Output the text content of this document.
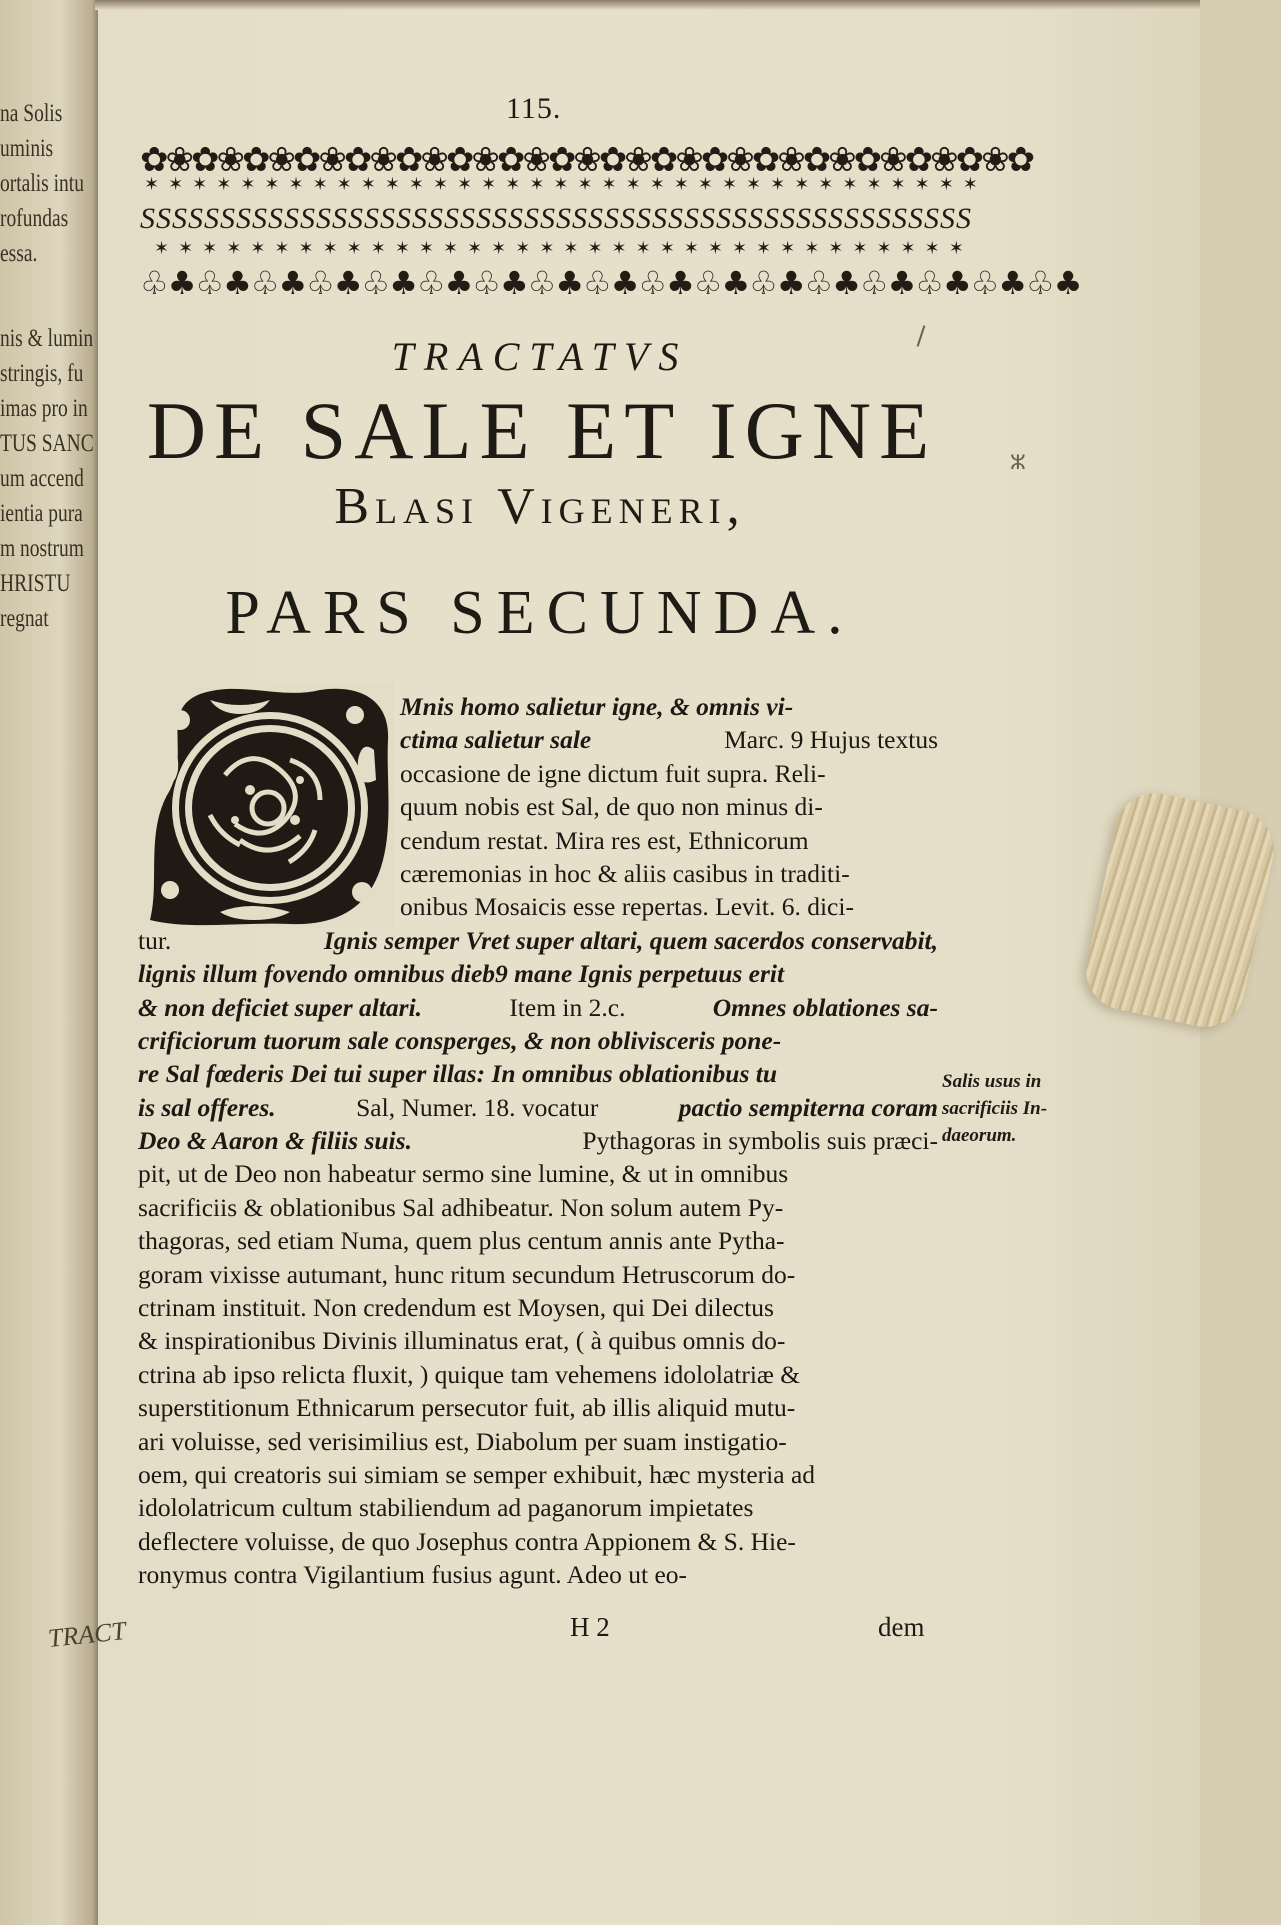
na Solis
uminis
ortalis intu
rofundas
essa.
nis & lumin
stringis, fu
imas pro in
TUS SANC
um accend
ientia pura
m nostrum
HRISTU
regnat
TRACT
115.
✿❀✿❀✿❀✿❀✿❀✿❀✿❀✿❀✿❀✿❀✿❀✿❀✿❀✿❀✿❀✿❀✿❀✿
✶✶✶✶✶✶✶✶✶✶✶✶✶✶✶✶✶✶✶✶✶✶✶✶✶✶✶✶✶✶✶✶✶✶✶
SSSSSSSSSSSSSSSSSSSSSSSSSSSSSSSSSSSSSSSSSSSSSSSSSSSS
✶✶✶✶✶✶✶✶✶✶✶✶✶✶✶✶✶✶✶✶✶✶✶✶✶✶✶✶✶✶✶✶✶✶
♧♣♧♣♧♣♧♣♧♣♧♣♧♣♧♣♧♣♧♣♧♣♧♣♧♣♧♣♧♣♧♣♧♣
TRACTATVS
DE SALE ET IGNE	ⵣ
Blasi Vigeneri,
PARS SECUNDA.
Mnis homo salietur igne, & omnis vi-
ctima salietur sale	Marc. 9 Hujus textus
occasione de igne dictum fuit supra. Reli-
quum nobis est Sal, de quo non minus di-
cendum restat. Mira res est, Ethnicorum
cæremonias in hoc & aliis casibus in traditi-
onibus Mosaicis esse repertas. Levit. 6. dici-
tur.	Ignis semper Vret super altari, quem sacerdos conservabit,
lignis illum fovendo omnibus dieb9 mane Ignis perpetuus erit
& non deficiet super altari.	Item in 2.c.	Omnes oblationes sa-
crificiorum tuorum sale consperges, & non oblivisceris pone-
re Sal fœderis Dei tui super illas: In omnibus oblationibus tu
is sal offeres.	Sal, Numer. 18. vocatur	pactio sempiterna coram
Deo & Aaron & filiis suis.	Pythagoras in symbolis suis præci-
pit, ut de Deo non habeatur sermo sine lumine, & ut in omnibus
sacrificiis & oblationibus Sal adhibeatur. Non solum autem Py-
thagoras, sed etiam Numa, quem plus centum annis ante Pytha-
goram vixisse autumant, hunc ritum secundum Hetruscorum do-
ctrinam instituit. Non credendum est Moysen, qui Dei dilectus
& inspirationibus Divinis illuminatus erat, ( à quibus omnis do-
ctrina ab ipso relicta fluxit, ) quique tam vehemens idololatriæ &
superstitionum Ethnicarum persecutor fuit, ab illis aliquid mutu-
ari voluisse, sed verisimilius est, Diabolum per suam instigatio-
oem, qui creatoris sui simiam se semper exhibuit, hæc mysteria ad
idololatricum cultum stabiliendum ad paganorum impietates
deflectere voluisse, de quo Josephus contra Appionem & S. Hie-
ronymus contra Vigilantium fusius agunt. Adeo ut eo-
Salis usus in
sacrificiis In-
daeorum.
H 2	dem
